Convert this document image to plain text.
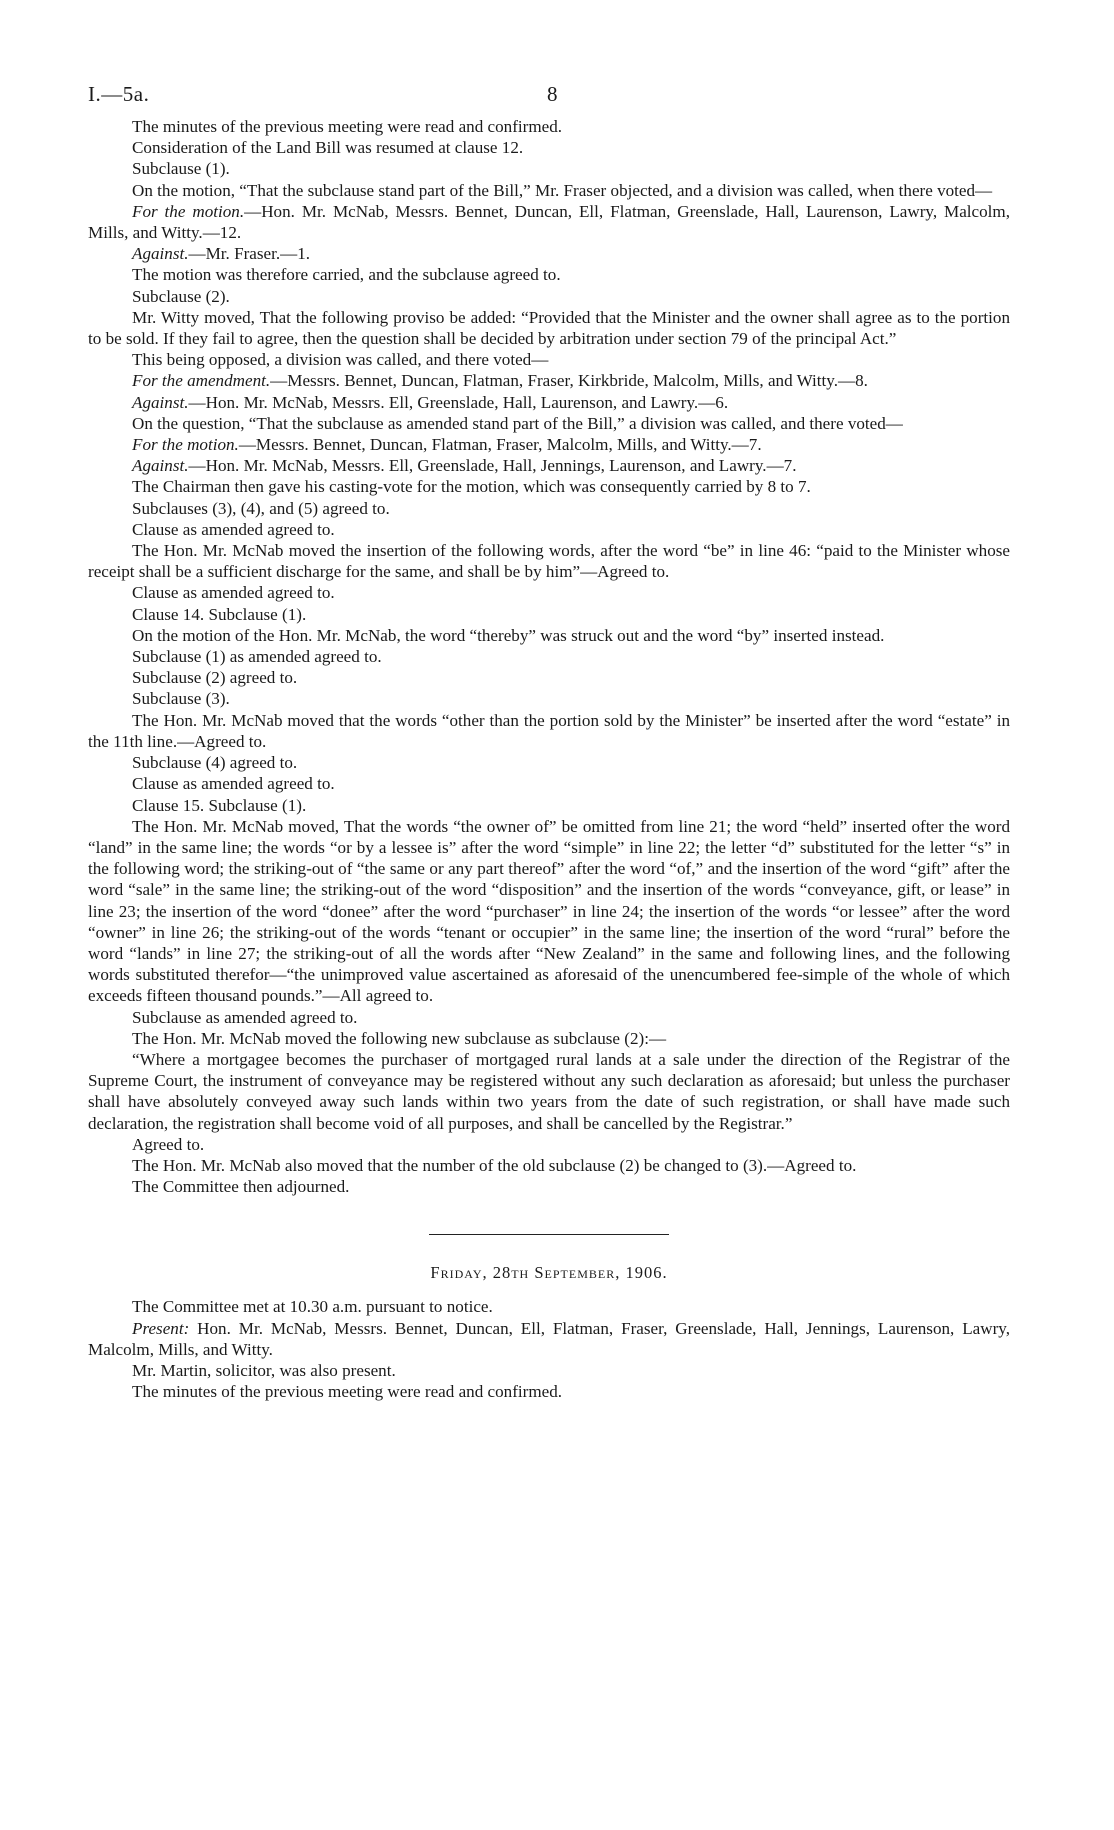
I.—5a.	8

The minutes of the previous meeting were read and confirmed.

Consideration of the Land Bill was resumed at clause 12.

Subclause (1).

On the motion, “That the subclause stand part of the Bill,” Mr. Fraser objected, and a division was called, when there voted—

For the motion.—Hon. Mr. McNab, Messrs. Bennet, Duncan, Ell, Flatman, Greenslade, Hall, Laurenson, Lawry, Malcolm, Mills, and Witty.—12.

Against.—Mr. Fraser.—1.

The motion was therefore carried, and the subclause agreed to.

Subclause (2).

Mr. Witty moved, That the following proviso be added: “Provided that the Minister and the owner shall agree as to the portion to be sold. If they fail to agree, then the question shall be decided by arbitration under section 79 of the principal Act.”

This being opposed, a division was called, and there voted—

For the amendment.—Messrs. Bennet, Duncan, Flatman, Fraser, Kirkbride, Malcolm, Mills, and Witty.—8.

Against.—Hon. Mr. McNab, Messrs. Ell, Greenslade, Hall, Laurenson, and Lawry.—6.

On the question, “That the subclause as amended stand part of the Bill,” a division was called, and there voted—

For the motion.—Messrs. Bennet, Duncan, Flatman, Fraser, Malcolm, Mills, and Witty.—7.

Against.—Hon. Mr. McNab, Messrs. Ell, Greenslade, Hall, Jennings, Laurenson, and Lawry.—7.

The Chairman then gave his casting-vote for the motion, which was consequently carried by 8 to 7.

Subclauses (3), (4), and (5) agreed to.

Clause as amended agreed to.

The Hon. Mr. McNab moved the insertion of the following words, after the word “be” in line 46: “paid to the Minister whose receipt shall be a sufficient discharge for the same, and shall be by him”—Agreed to.

Clause as amended agreed to.

Clause 14. Subclause (1).

On the motion of the Hon. Mr. McNab, the word “thereby” was struck out and the word “by” inserted instead.

Subclause (1) as amended agreed to.

Subclause (2) agreed to.

Subclause (3).

The Hon. Mr. McNab moved that the words “other than the portion sold by the Minister” be inserted after the word “estate” in the 11th line.—Agreed to.

Subclause (4) agreed to.

Clause as amended agreed to.

Clause 15. Subclause (1).

The Hon. Mr. McNab moved, That the words “the owner of” be omitted from line 21; the word “held” inserted ofter the word “land” in the same line; the words “or by a lessee is” after the word “simple” in line 22; the letter “d” substituted for the letter “s” in the following word; the striking-out of “the same or any part thereof” after the word “of,” and the insertion of the word “gift” after the word “sale” in the same line; the striking-out of the word “disposition” and the insertion of the words “conveyance, gift, or lease” in line 23; the insertion of the word “donee” after the word “purchaser” in line 24; the insertion of the words “or lessee” after the word “owner” in line 26; the striking-out of the words “tenant or occupier” in the same line; the insertion of the word “rural” before the word “lands” in line 27; the striking-out of all the words after “New Zealand” in the same and following lines, and the following words substituted therefor—“the unimproved value ascertained as aforesaid of the unencumbered fee-simple of the whole of which exceeds fifteen thousand pounds.”—All agreed to.

Subclause as amended agreed to.

The Hon. Mr. McNab moved the following new subclause as subclause (2):—

“Where a mortgagee becomes the purchaser of mortgaged rural lands at a sale under the direction of the Registrar of the Supreme Court, the instrument of conveyance may be registered without any such declaration as aforesaid; but unless the purchaser shall have absolutely conveyed away such lands within two years from the date of such registration, or shall have made such declaration, the registration shall become void of all purposes, and shall be cancelled by the Registrar.”

Agreed to.

The Hon. Mr. McNab also moved that the number of the old subclause (2) be changed to (3).—Agreed to.

The Committee then adjourned.

Friday, 28th September, 1906.

The Committee met at 10.30 a.m. pursuant to notice.

Present: Hon. Mr. McNab, Messrs. Bennet, Duncan, Ell, Flatman, Fraser, Greenslade, Hall, Jennings, Laurenson, Lawry, Malcolm, Mills, and Witty.

Mr. Martin, solicitor, was also present.

The minutes of the previous meeting were read and confirmed.
